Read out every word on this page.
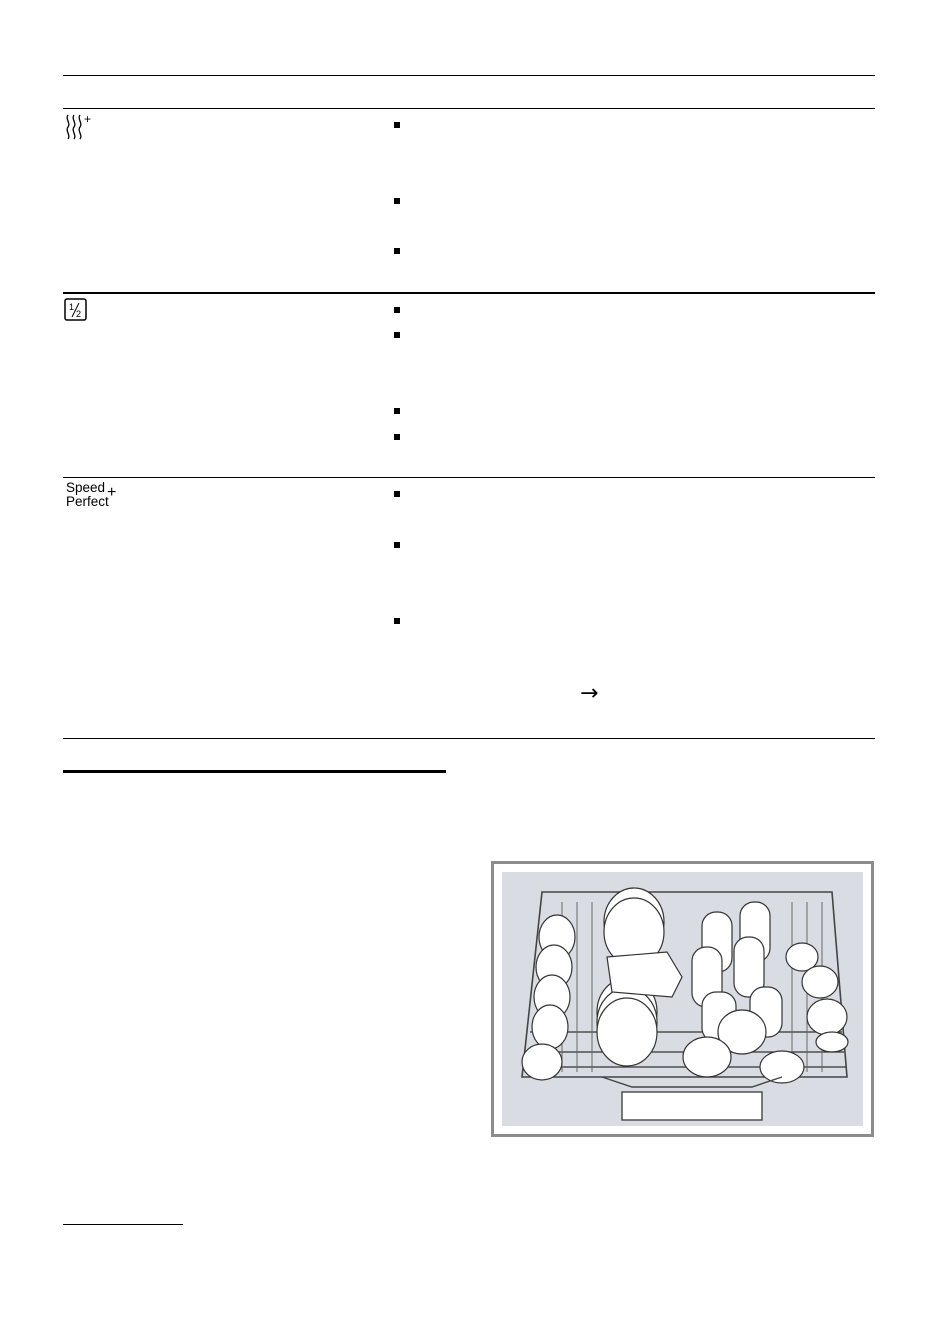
+
1
2
Speed
Perfect
+
→
